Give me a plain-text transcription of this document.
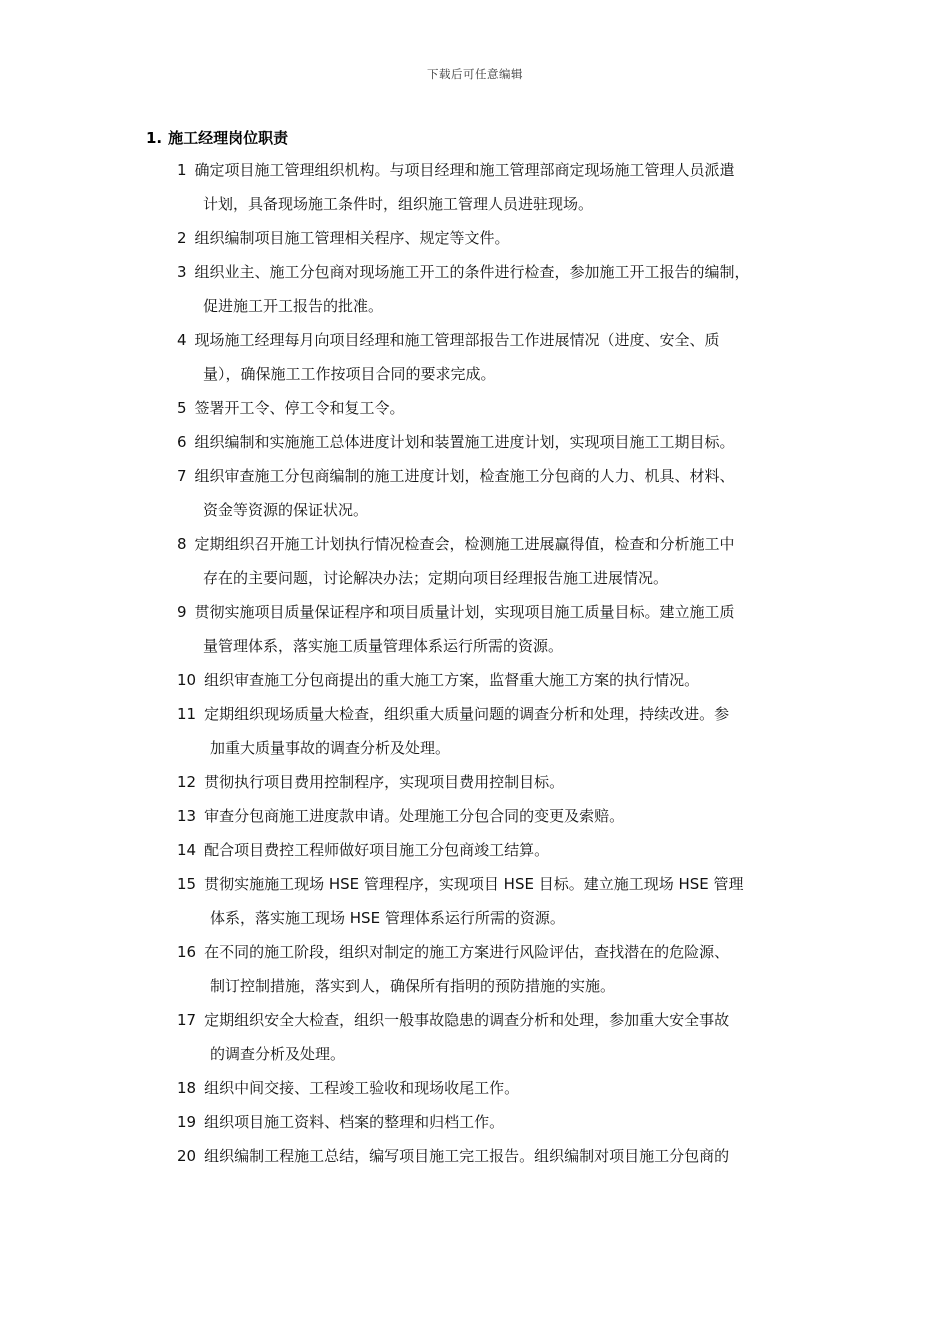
下载后可任意编辑
1. 施工经理岗位职责
1 确定项目施工管理组织机构。与项目经理和施工管理部商定现场施工管理人员派遣
计划，具备现场施工条件时，组织施工管理人员进驻现场。
2 组织编制项目施工管理相关程序、规定等文件。
3 组织业主、施工分包商对现场施工开工的条件进行检查，参加施工开工报告的编制，
促进施工开工报告的批准。
4 现场施工经理每月向项目经理和施工管理部报告工作进展情况（进度、安全、质
量），确保施工工作按项目合同的要求完成。
5 签署开工令、停工令和复工令。
6 组织编制和实施施工总体进度计划和装置施工进度计划，实现项目施工工期目标。
7 组织审查施工分包商编制的施工进度计划，检查施工分包商的人力、机具、材料、
资金等资源的保证状况。
8 定期组织召开施工计划执行情况检查会，检测施工进展赢得值，检查和分析施工中
存在的主要问题，讨论解决办法；定期向项目经理报告施工进展情况。
9 贯彻实施项目质量保证程序和项目质量计划，实现项目施工质量目标。建立施工质
量管理体系，落实施工质量管理体系运行所需的资源。
10 组织审查施工分包商提出的重大施工方案，监督重大施工方案的执行情况。
11 定期组织现场质量大检查，组织重大质量问题的调查分析和处理，持续改进。参
加重大质量事故的调查分析及处理。
12 贯彻执行项目费用控制程序，实现项目费用控制目标。
13 审查分包商施工进度款申请。处理施工分包合同的变更及索赔。
14 配合项目费控工程师做好项目施工分包商竣工结算。
15 贯彻实施施工现场 HSE 管理程序，实现项目 HSE 目标。建立施工现场 HSE 管理
体系，落实施工现场 HSE 管理体系运行所需的资源。
16 在不同的施工阶段，组织对制定的施工方案进行风险评估，查找潜在的危险源、
制订控制措施，落实到人，确保所有指明的预防措施的实施。
17 定期组织安全大检查，组织一般事故隐患的调查分析和处理，参加重大安全事故
的调查分析及处理。
18 组织中间交接、工程竣工验收和现场收尾工作。
19 组织项目施工资料、档案的整理和归档工作。
20 组织编制工程施工总结，编写项目施工完工报告。组织编制对项目施工分包商的
